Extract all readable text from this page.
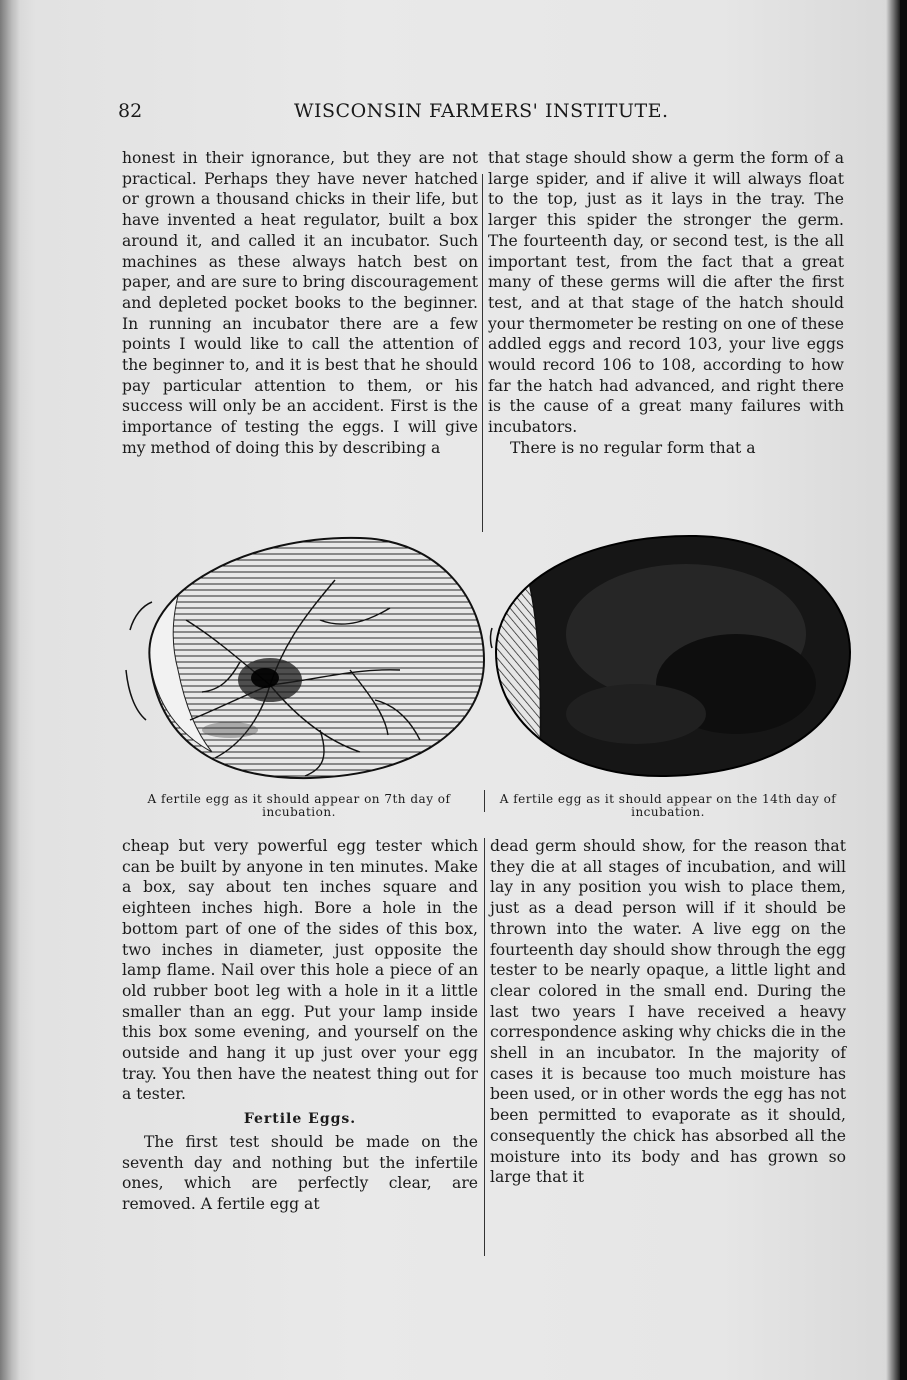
82	WISCONSIN FARMERS' INSTITUTE.

honest in their ignorance, but they are not practical. Perhaps they have never hatched or grown a thousand chicks in their life, but have invented a heat regulator, built a box around it, and called it an incubator. Such machines as these always hatch best on paper, and are sure to bring discouragement and depleted pocket books to the beginner. In running an incubator there are a few points I would like to call the attention of the beginner to, and it is best that he should pay particular attention to them, or his success will only be an accident. First is the importance of testing the eggs. I will give my method of doing this by describing a

that stage should show a germ the form of a large spider, and if alive it will always float to the top, just as it lays in the tray. The larger this spider the stronger the germ. The fourteenth day, or second test, is the all important test, from the fact that a great many of these germs will die after the first test, and at that stage of the hatch should your thermometer be resting on one of these addled eggs and record 103, your live eggs would record 106 to 108, according to how far the hatch had advanced, and right there is the cause of a great many failures with incubators.

There is no regular form that a

A fertile egg as it should appear on 7th day of incubation.
A fertile egg as it should appear on the 14th day of incubation.

cheap but very powerful egg tester which can be built by anyone in ten minutes. Make a box, say about ten inches square and eighteen inches high. Bore a hole in the bottom part of one of the sides of this box, two inches in diameter, just opposite the lamp flame. Nail over this hole a piece of an old rubber boot leg with a hole in it a little smaller than an egg. Put your lamp inside this box some evening, and yourself on the outside and hang it up just over your egg tray. You then have the neatest thing out for a tester.

Fertile Eggs.

The first test should be made on the seventh day and nothing but the infertile ones, which are perfectly clear, are removed. A fertile egg at

dead germ should show, for the reason that they die at all stages of incubation, and will lay in any position you wish to place them, just as a dead person will if it should be thrown into the water. A live egg on the fourteenth day should show through the egg tester to be nearly opaque, a little light and clear colored in the small end. During the last two years I have received a heavy correspondence asking why chicks die in the shell in an incubator. In the majority of cases it is because too much moisture has been used, or in other words the egg has not been permitted to evaporate as it should, consequently the chick has absorbed all the moisture into its body and has grown so large that it
